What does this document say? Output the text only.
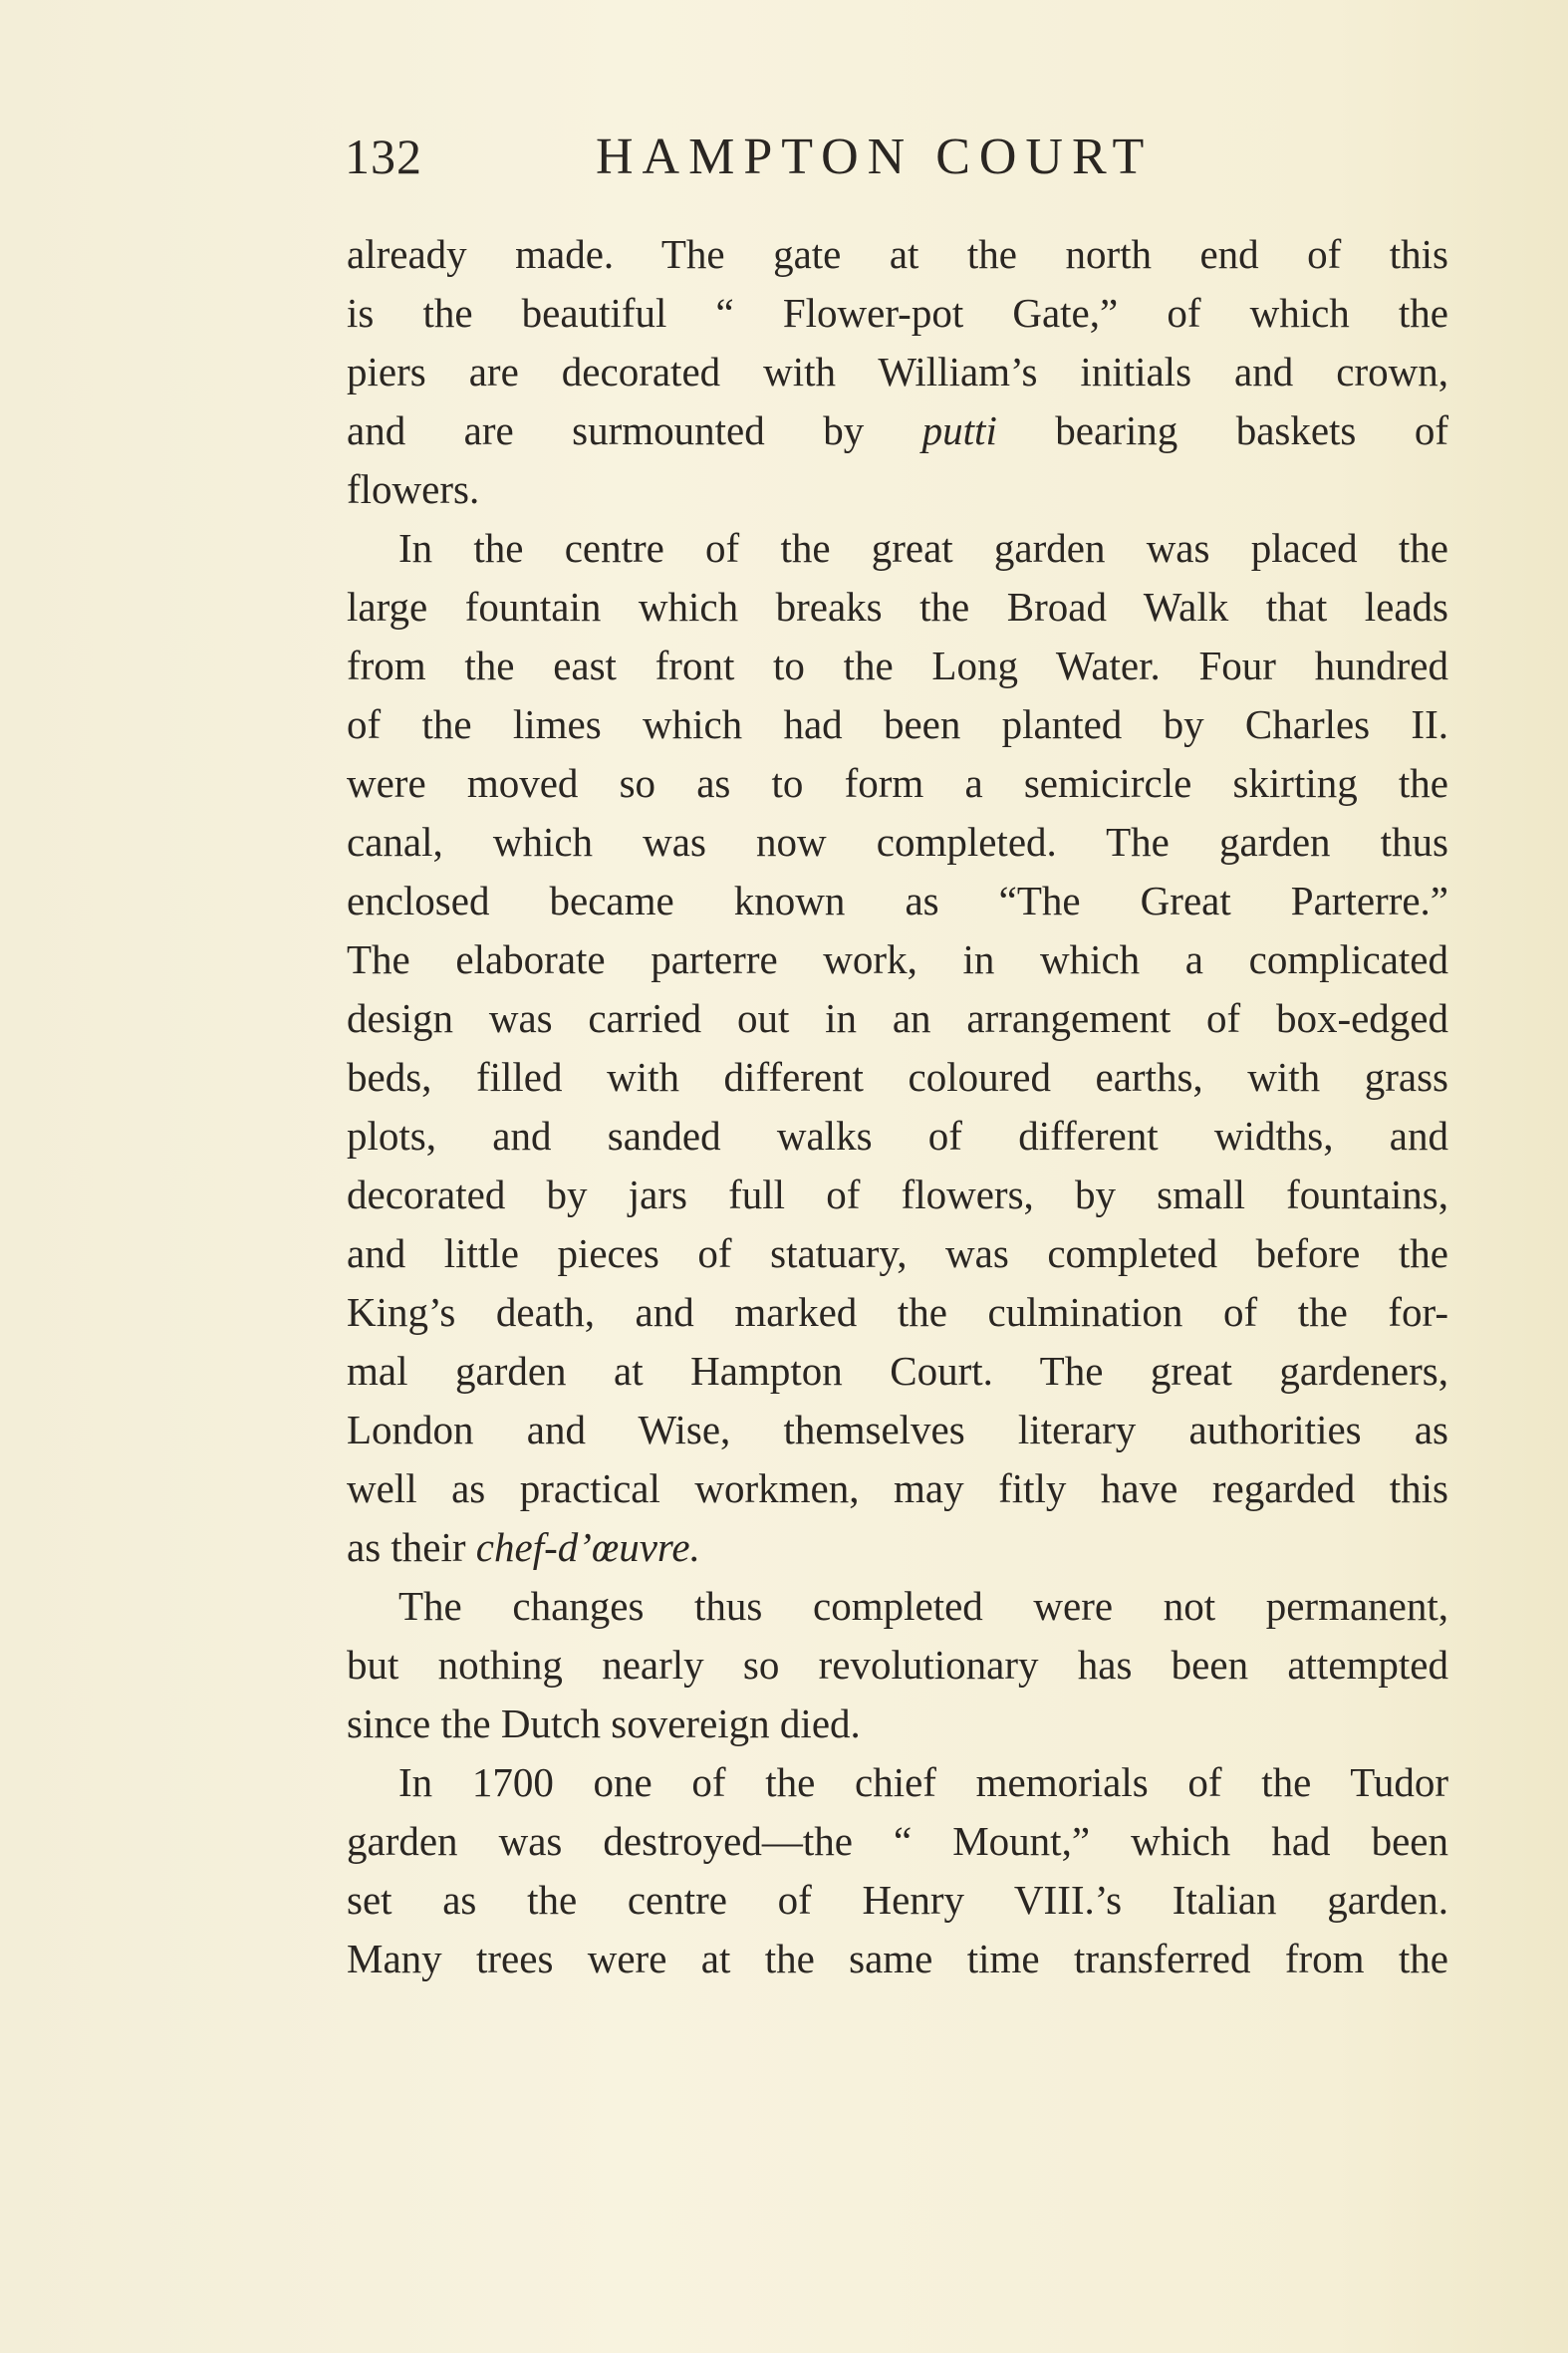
132	HAMPTON COURT
already made. The gate at the north end of this
is the beautiful “ Flower-pot Gate,” of which the
piers are decorated with William’s initials and crown,
and are surmounted by putti bearing baskets of
flowers.
In the centre of the great garden was placed the
large fountain which breaks the Broad Walk that leads
from the east front to the Long Water. Four hundred
of the limes which had been planted by Charles II.
were moved so as to form a semicircle skirting the
canal, which was now completed. The garden thus
enclosed became known as “The Great Parterre.”
The elaborate parterre work, in which a complicated
design was carried out in an arrangement of box-edged
beds, filled with different coloured earths, with grass
plots, and sanded walks of different widths, and
decorated by jars full of flowers, by small fountains,
and little pieces of statuary, was completed before the
King’s death, and marked the culmination of the for-
mal garden at Hampton Court. The great gardeners,
London and Wise, themselves literary authorities as
well as practical workmen, may fitly have regarded this
as their chef-d’œuvre.
The changes thus completed were not permanent,
but nothing nearly so revolutionary has been attempted
since the Dutch sovereign died.
In 1700 one of the chief memorials of the Tudor
garden was destroyed—the “ Mount,” which had been
set as the centre of Henry VIII.’s Italian garden.
Many trees were at the same time transferred from the
